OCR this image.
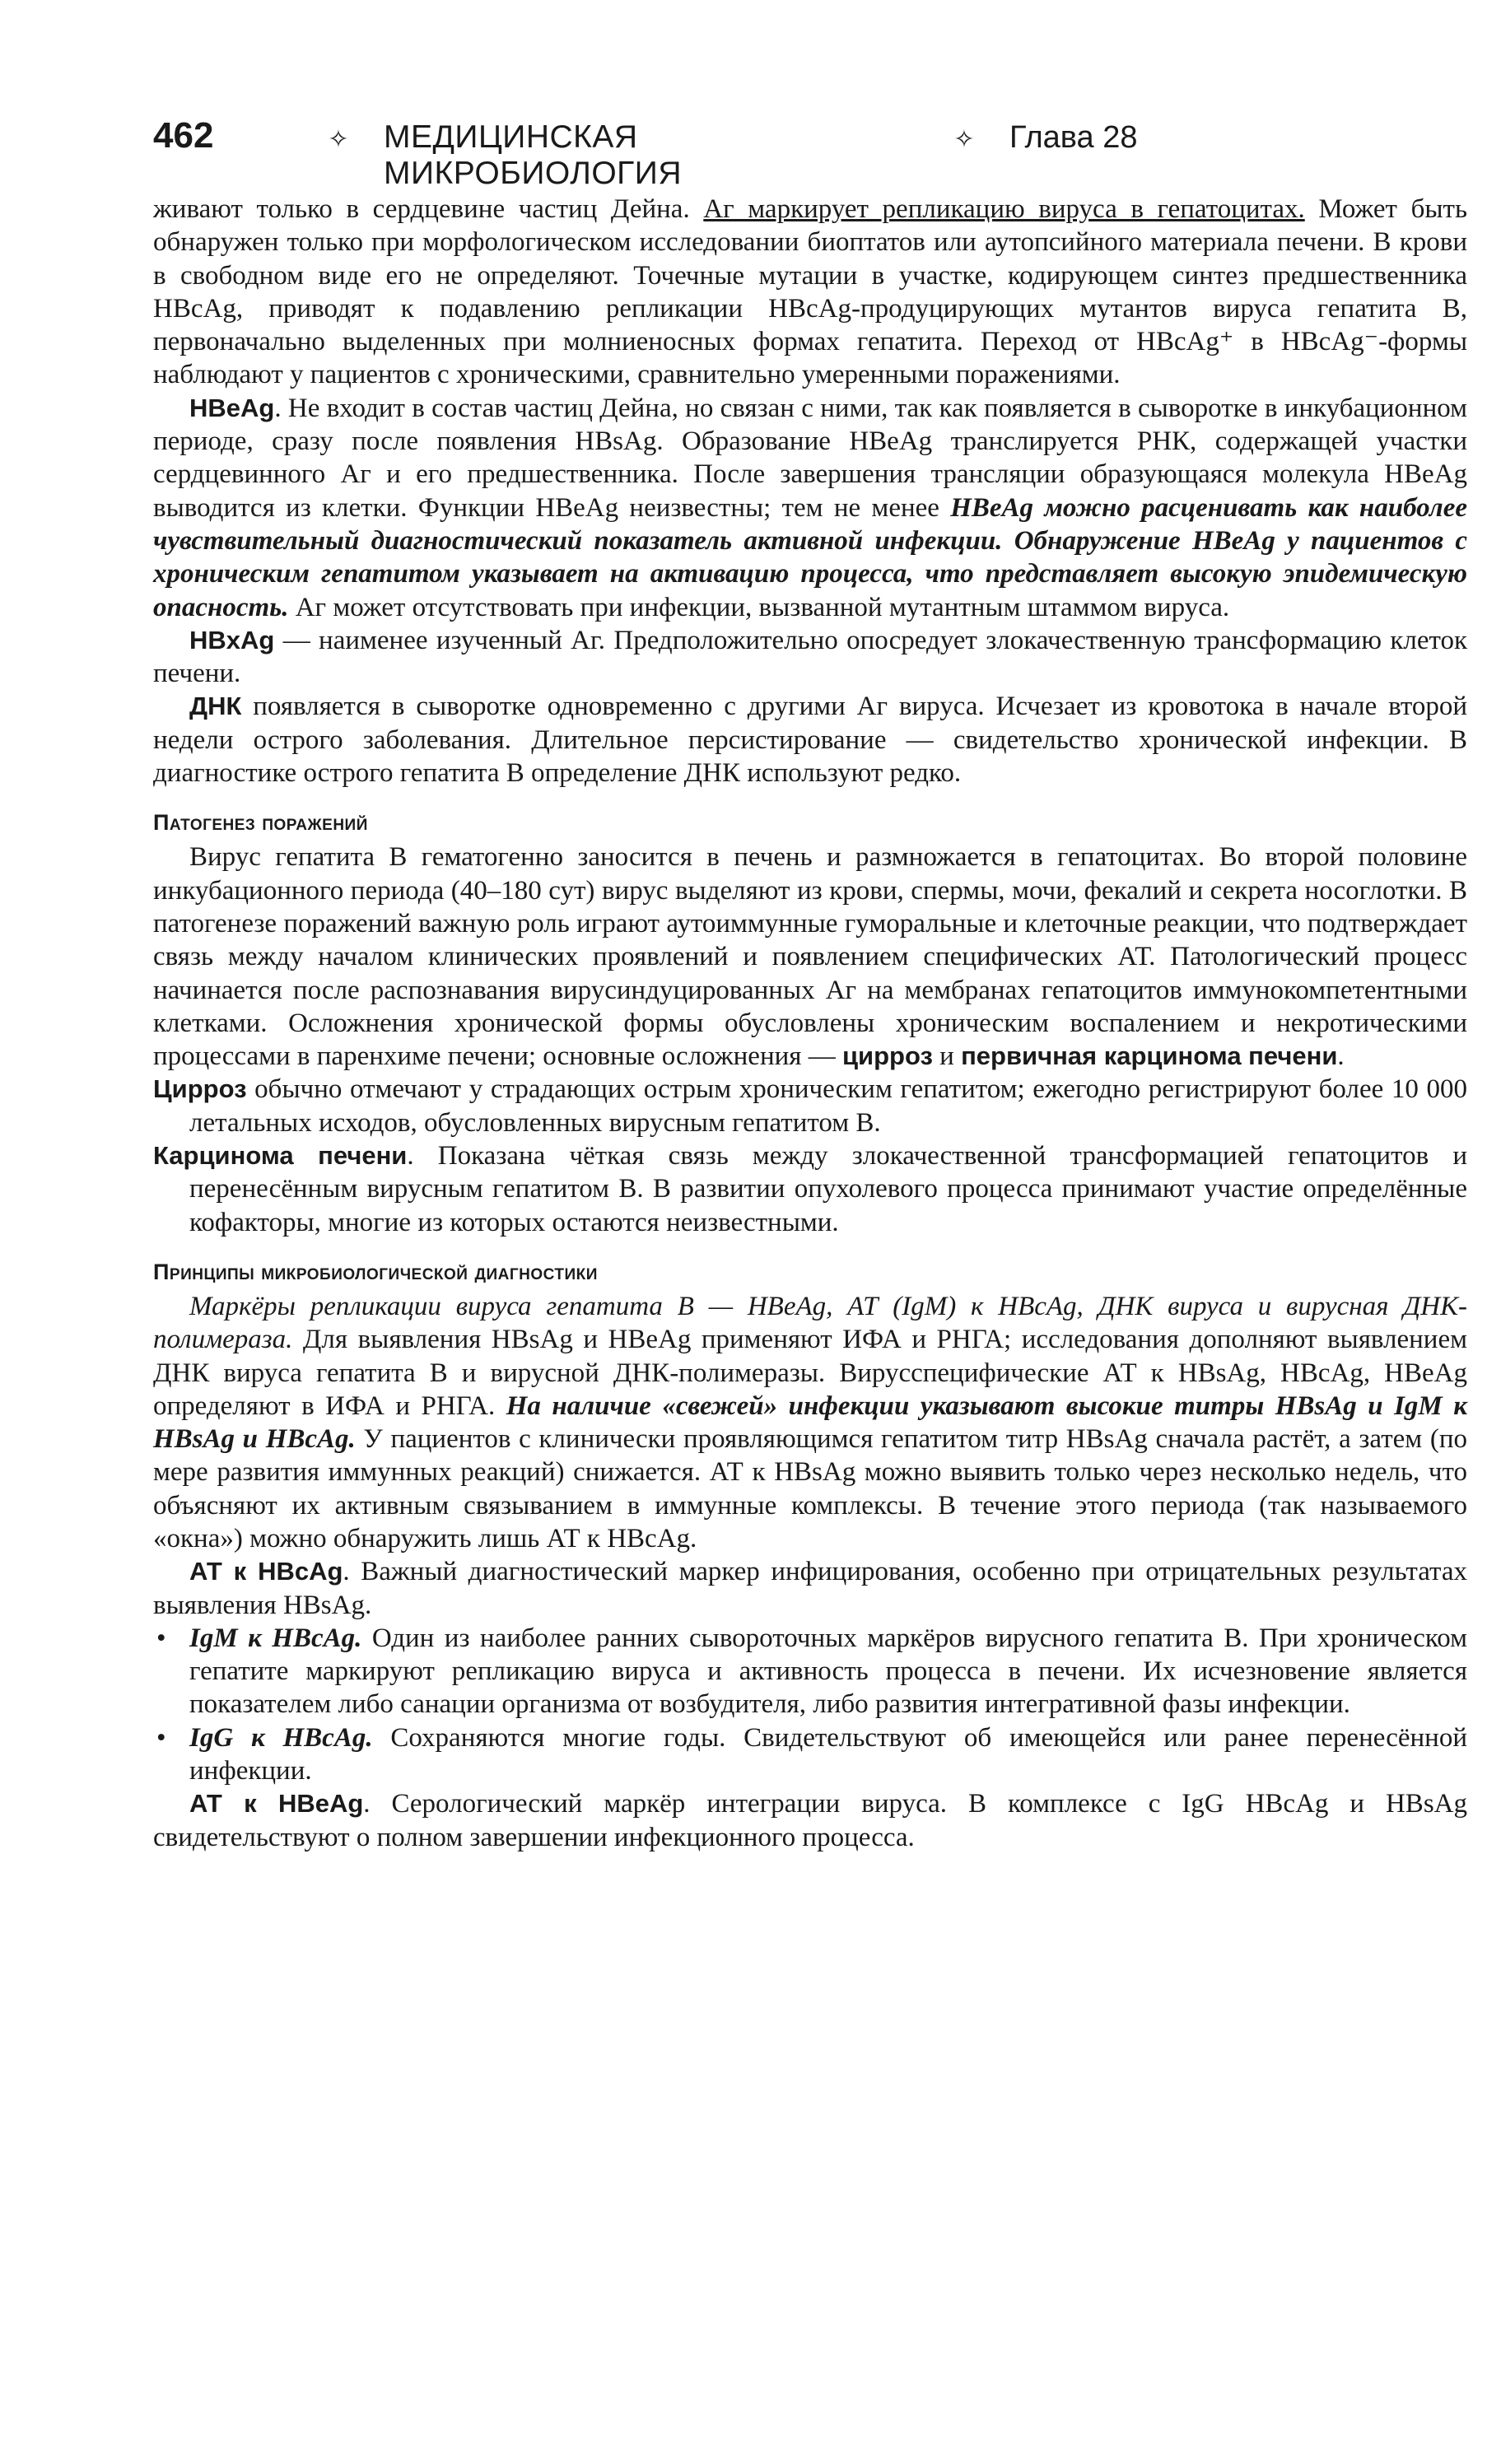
462	✧	МЕДИЦИНСКАЯ МИКРОБИОЛОГИЯ
✧	Глава 28

живают только в сердцевине частиц Дейна. Аг маркирует репликацию вируса в гепатоцитах. Может быть обнаружен только при морфологическом исследовании биоптатов или аутопсийного материала печени. В крови в свободном виде его не определяют. Точечные мутации в участке, кодирующем синтез предшественника HBcAg, приводят к подавлению репликации HBcAg-продуцирующих мутантов вируса гепатита В, первоначально выделенных при молниеносных формах гепатита. Переход от HBcAg⁺ в HBcAg⁻-формы наблюдают у пациентов с хроническими, сравнительно умеренными поражениями.

HBeAg. Не входит в состав частиц Дейна, но связан с ними, так как появляется в сыворотке в инкубационном периоде, сразу после появления HBsAg. Образование HBeAg транслируется РНК, содержащей участки сердцевинного Аг и его предшественника. После завершения трансляции образующаяся молекула HBeAg выводится из клетки. Функции HBeAg неизвестны; тем не менее HBeAg можно расценивать как наиболее чувствительный диагностический показатель активной инфекции. Обнаружение HBeAg у пациентов с хроническим гепатитом указывает на активацию процесса, что представляет высокую эпидемическую опасность. Аг может отсутствовать при инфекции, вызванной мутантным штаммом вируса.

HBxAg — наименее изученный Аг. Предположительно опосредует злокачественную трансформацию клеток печени.

ДНК появляется в сыворотке одновременно с другими Аг вируса. Исчезает из кровотока в начале второй недели острого заболевания. Длительное персистирование — свидетельство хронической инфекции. В диагностике острого гепатита В определение ДНК используют редко.

Патогенез поражений

Вирус гепатита В гематогенно заносится в печень и размножается в гепатоцитах. Во второй половине инкубационного периода (40–180 сут) вирус выделяют из крови, спермы, мочи, фекалий и секрета носоглотки. В патогенезе поражений важную роль играют аутоиммунные гуморальные и клеточные реакции, что подтверждает связь между началом клинических проявлений и появлением специфических АТ. Патологический процесс начинается после распознавания вирусиндуцированных Аг на мембранах гепатоцитов иммунокомпетентными клетками. Осложнения хронической формы обусловлены хроническим воспалением и некротическими процессами в паренхиме печени; основные осложнения — цирроз и первичная карцинома печени.

Цирроз обычно отмечают у страдающих острым хроническим гепатитом; ежегодно регистрируют более 10 000 летальных исходов, обусловленных вирусным гепатитом В.

Карцинома печени. Показана чёткая связь между злокачественной трансформацией гепатоцитов и перенесённым вирусным гепатитом В. В развитии опухолевого процесса принимают участие определённые кофакторы, многие из которых остаются неизвестными.

Принципы микробиологической диагностики

Маркёры репликации вируса гепатита В — HBeAg, АТ (IgM) к HBcAg, ДНК вируса и вирусная ДНК-полимераза. Для выявления HBsAg и HBeAg применяют ИФА и РНГА; исследования дополняют выявлением ДНК вируса гепатита В и вирусной ДНК-полимеразы. Вирусспецифические АТ к HBsAg, HBcAg, HBeAg определяют в ИФА и РНГА. На наличие «свежей» инфекции указывают высокие титры HBsAg и IgM к HBsAg и HBcAg. У пациентов с клинически проявляющимся гепатитом титр HBsAg сначала растёт, а затем (по мере развития иммунных реакций) снижается. АТ к HBsAg можно выявить только через несколько недель, что объясняют их активным связыванием в иммунные комплексы. В течение этого периода (так называемого «окна») можно обнаружить лишь АТ к HBcAg.

АТ к HBcAg. Важный диагностический маркер инфицирования, особенно при отрицательных результатах выявления HBsAg.

• IgM к HBcAg. Один из наиболее ранних сывороточных маркёров вирусного гепатита В. При хроническом гепатите маркируют репликацию вируса и активность процесса в печени. Их исчезновение является показателем либо санации организма от возбудителя, либо развития интегративной фазы инфекции.
• IgG к HBcAg. Сохраняются многие годы. Свидетельствуют об имеющейся или ранее перенесённой инфекции.

АТ к HBeAg. Серологический маркёр интеграции вируса. В комплексе с IgG HBcAg и HBsAg свидетельствуют о полном завершении инфекционного процесса.
